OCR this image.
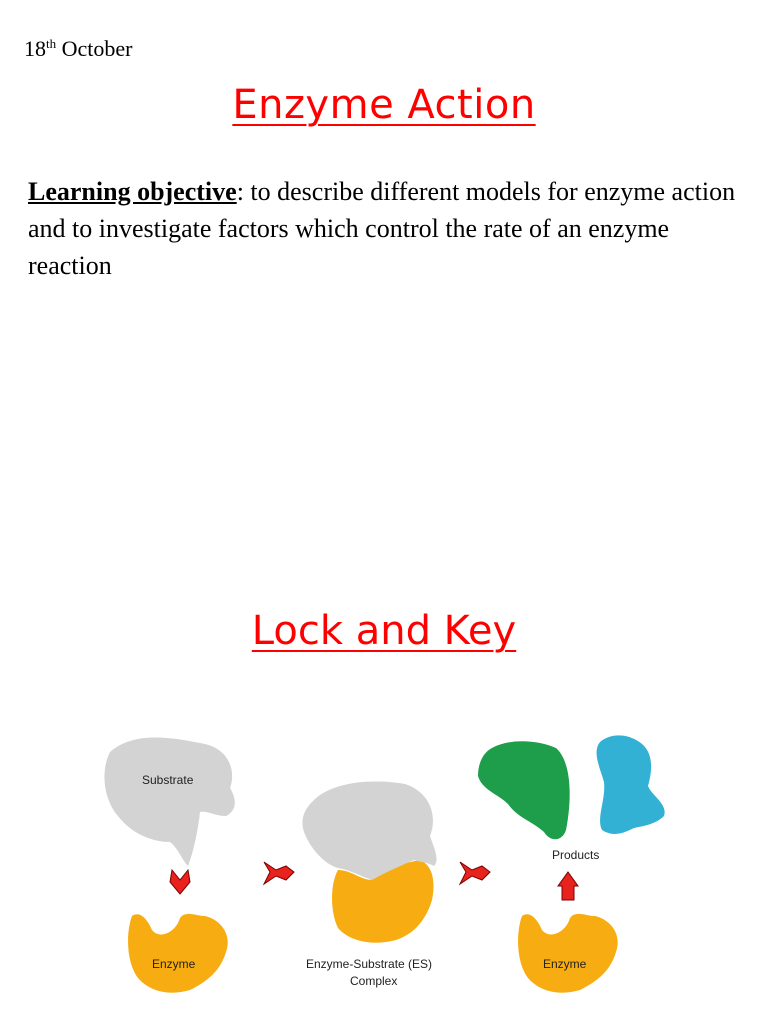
18th October
Enzyme Action
Learning objective: to describe different models for enzyme action and to investigate factors which control the rate of an enzyme reaction
Lock and Key
Substrate
Enzyme	Enzyme-Substrate (ES)
Complex
Products
Enzyme
